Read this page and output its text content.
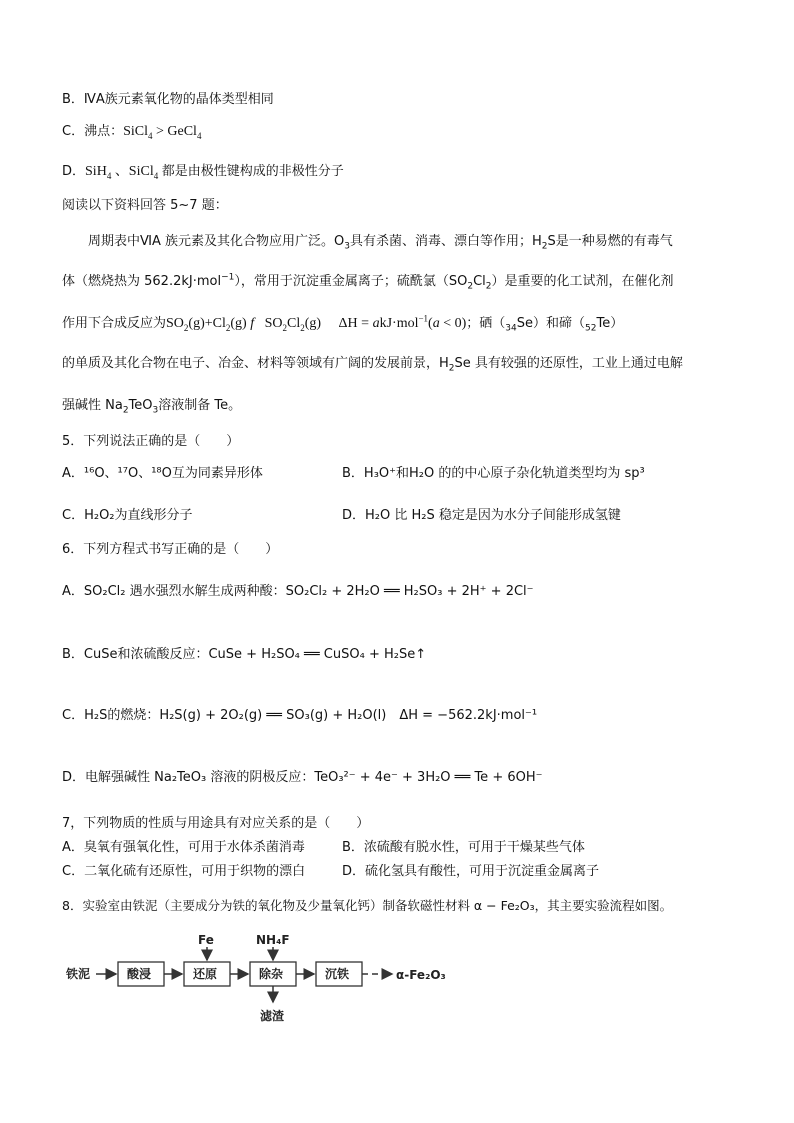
B．ⅣA族元素氧化物的晶体类型相同
C．沸点：SiCl$_4$ > GeCl$_4$
D．SiH$_4$ 、SiCl$_4$ 都是由极性键构成的非极性分子
阅读以下资料回答 5~7 题：
周期表中ⅥA 族元素及其化合物应用广泛。$O_3$具有杀菌、消毒、漂白等作用；$H_2S$是一种易燃的有毒气
体（燃烧热为 562.2kJ·mol$^{-1}$），常用于沉淀重金属离子；硫酰氯$(SO_2Cl_2)$是重要的化工试剂，在催化剂
作用下合成反应为$SO_2(g)+Cl_2(g)$ f   $SO_2Cl_2(g)$     ΔH = akJ·mol$^{-1}$(a < 0)；硒$(_{34}Se)$和碲$(_{52}Te)$
的单质及其化合物在电子、冶金、材料等领域有广阔的发展前景，$H_2Se$ 具有较强的还原性，工业上通过电解
强碱性 $Na_2TeO_3$溶液制备 Te。
5．下列说法正确的是（　　）
A．¹⁶O、¹⁷O、¹⁸O互为同素异形体	B．H₃O⁺和H₂O 的的中心原子杂化轨道类型均为 sp³
C．H₂O₂为直线形分子	D．H₂O 比 H₂S 稳定是因为水分子间能形成氢键
6．下列方程式书写正确的是（　　）
A．SO₂Cl₂ 遇水强烈水解生成两种酸：SO₂Cl₂ + 2H₂O ══ H₂SO₃ + 2H⁺ + 2Cl⁻
B．CuSe和浓硫酸反应：CuSe + H₂SO₄ ══ CuSO₄ + H₂Se↑
C．H₂S的燃烧：H₂S(g) + 2O₂(g) ══ SO₃(g) + H₂O(l)　ΔH = −562.2kJ·mol⁻¹
D．电解强碱性 Na₂TeO₃ 溶液的阴极反应：TeO₃²⁻ + 4e⁻ + 3H₂O ══ Te + 6OH⁻
7，下列物质的性质与用途具有对应关系的是（　　）
A．臭氧有强氧化性，可用于水体杀菌消毒	B．浓硫酸有脱水性，可用于干燥某些气体
C．二氧化硫有还原性，可用于织物的漂白	D．硫化氢具有酸性，可用于沉淀重金属离子
8．实验室由铁泥（主要成分为铁的氧化物及少量氧化钙）制备软磁性材料 α − Fe₂O₃，其主要实验流程如图。
铁泥	酸浸	还原	除杂	沉铁	α-Fe₂O₃
Fe	NH₄F
滤渣
